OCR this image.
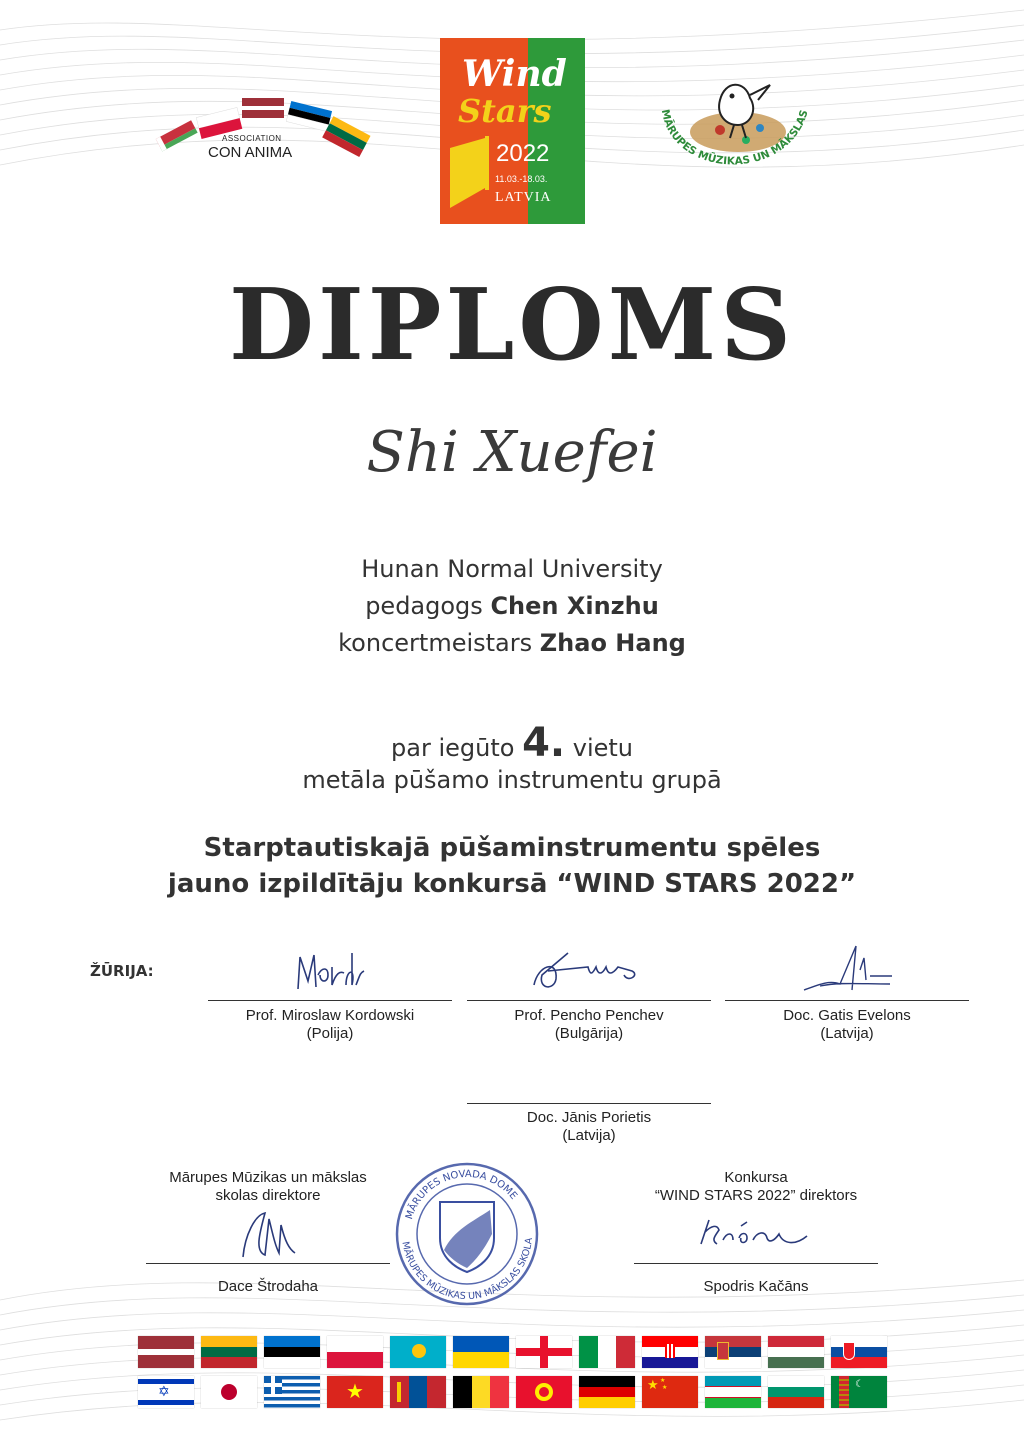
ASSOCIATION
CON ANIMA
Wind
Stars
2022
11.03.-18.03.
LATVIA
MĀRUPES MŪZIKAS UN MĀKSLAS
DIPLOMS
Shi Xuefei
Hunan Normal University
pedagogs Chen Xinzhu
koncertmeistars Zhao Hang
par iegūto 4. vietu
metāla pūšamo instrumentu grupā
Starptautiskajā pūšaminstrumentu spēles
jauno izpildītāju konkursā “WIND STARS 2022”
ŽŪRIJA:
Prof. Miroslaw Kordowski
(Polija)
Prof. Pencho Penchev
(Bulgārija)
Doc. Gatis Evelons
(Latvija)
Doc. Jānis Porietis
(Latvija)
Mārupes Mūzikas un mākslas
skolas direktore
Dace Štrodaha
MĀRUPES NOVADA DOME
MĀRUPES MŪZIKAS UN MĀKSLAS SKOLA
Konkursa
“WIND STARS 2022” direktors
Spodris Kačāns
✡	★	★ ★
★	☾
